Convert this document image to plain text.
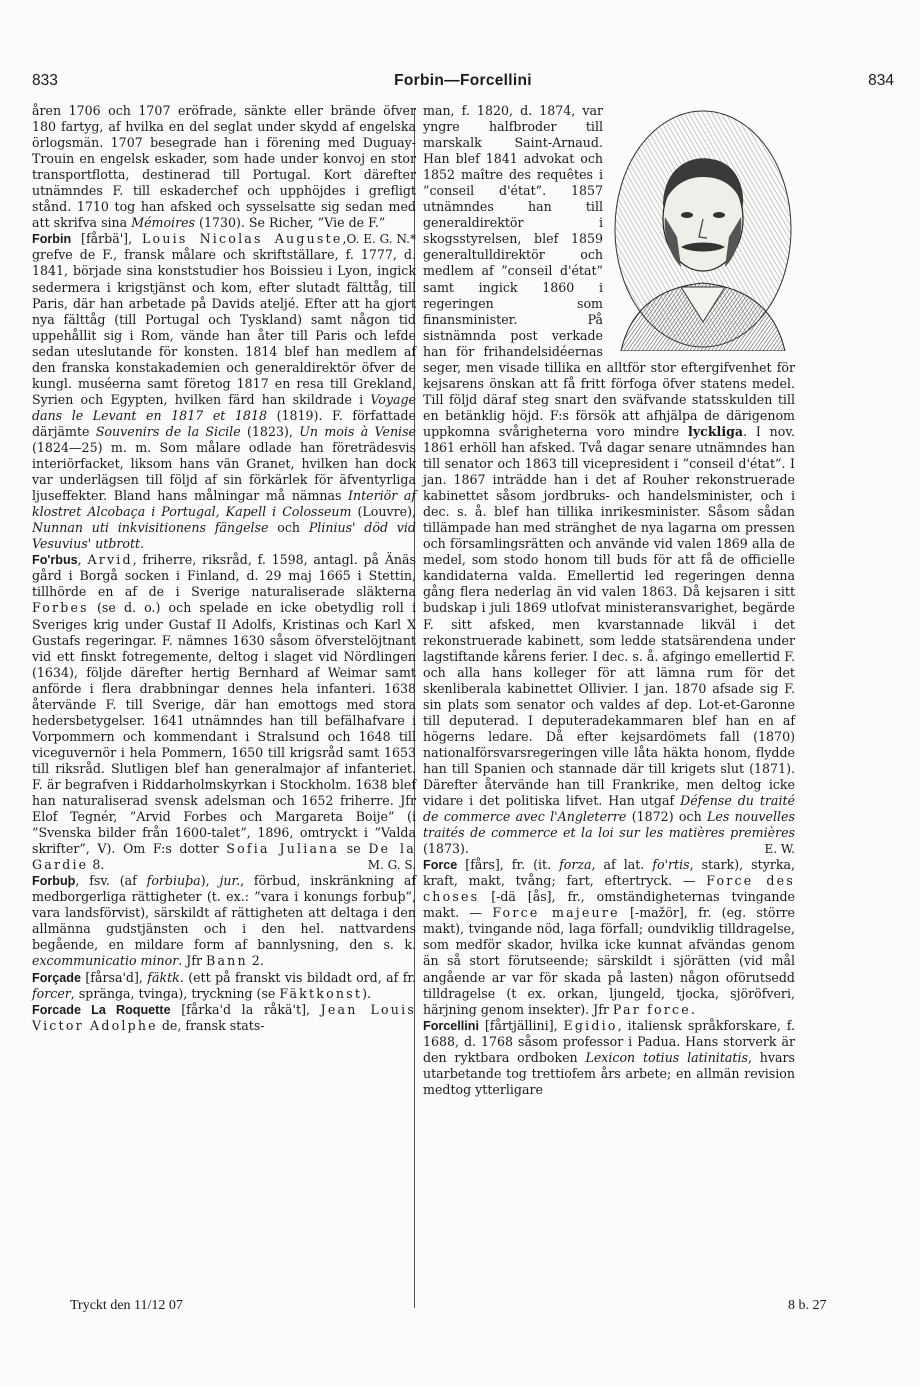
833	Forbin—Forcellini	834

åren 1706 och 1707 eröfrade, sänkte eller brände öfver 180 fartyg, af hvilka en del seglat under skydd af engelska örlogsmän. 1707 besegrade han i förening med Duguay-Trouin en engelsk eskader, som hade under konvoj en stor transportflotta, destinerad till Portugal. Kort därefter utnämndes F. till eskaderchef och upphöjdes i grefligt stånd. 1710 tog han afsked och sysselsatte sig sedan med att skrifva sina Mémoires (1730). Se Richer, ”Vie de F.”
O. E. G. N.*

Forbin [fårbä'], Louis Nicolas Auguste, grefve de F., fransk målare och skriftställare, f. 1777, d. 1841, började sina konststudier hos Boissieu i Lyon, ingick sedermera i krigstjänst och kom, efter slutadt fälttåg, till Paris, där han arbetade på Davids ateljé. Efter att ha gjort nya fälttåg (till Portugal och Tyskland) samt någon tid uppehållit sig i Rom, vände han åter till Paris och lefde sedan uteslutande för konsten. 1814 blef han medlem af den franska konstakademien och generaldirektör öfver de kungl. muséerna samt företog 1817 en resa till Grekland, Syrien och Egypten, hvilken färd han skildrade i Voyage dans le Levant en 1817 et 1818 (1819). F. författade därjämte Souvenirs de la Sicile (1823), Un mois à Venise (1824—25) m. m. Som målare odlade han företrädesvis interiörfacket, liksom hans vän Granet, hvilken han dock var underlägsen till följd af sin förkärlek för äfventyrliga ljuseffekter. Bland hans målningar må nämnas Interiör af klostret Alcobaça i Portugal, Kapell i Colosseum (Louvre), Nunnan uti inkvisitionens fängelse och Plinius' död vid Vesuvius' utbrott.

Fo'rbus, Arvid, friherre, riksråd, f. 1598, antagl. på Änäs gård i Borgå socken i Finland, d. 29 maj 1665 i Stettin, tillhörde en af de i Sverige naturaliserade släkterna Forbes (se d. o.) och spelade en icke obetydlig roll i Sveriges krig under Gustaf II Adolfs, Kristinas och Karl X Gustafs regeringar. F. nämnes 1630 såsom öfverstelöjtnant vid ett finskt fotregemente, deltog i slaget vid Nördlingen (1634), följde därefter hertig Bernhard af Weimar samt anförde i flera drabbningar dennes hela infanteri. 1638 återvände F. till Sverige, där han emottogs med stora hedersbetygelser. 1641 utnämndes han till befälhafvare i Vorpommern och kommendant i Stralsund och 1648 till viceguvernör i hela Pommern, 1650 till krigsråd samt 1653 till riksråd. Slutligen blef han generalmajor af infanteriet. F. är begrafven i Riddarholmskyrkan i Stockholm. 1638 blef han naturaliserad svensk adelsman och 1652 friherre. Jfr Elof Tegnér, ”Arvid Forbes och Margareta Boije” (i ”Svenska bilder från 1600-talet”, 1896, omtryckt i ”Valda skrifter”, V). Om F:s dotter Sofia Juliana se De la Gardie 8.	M. G. S.

Forbuþ, fsv. (af forbiuþa), jur., förbud, inskränkning af medborgerliga rättigheter (t. ex.: ”vara i konungs forbuþ”, vara landsförvist), särskildt af rättigheten att deltaga i den allmänna gudstjänsten och i den hel. nattvardens begående, en mildare form af bannlysning, den s. k. excommunicatio minor. Jfr Bann 2.

Forçade [fårsa'd], fäktk. (ett på franskt vis bildadt ord, af fr. forcer, spränga, tvinga), tryckning (se Fäktkonst).

Forcade La Roquette [fårka'd la råkä't], Jean Louis Victor Adolphe de, fransk stats-

man, f. 1820, d. 1874, var yngre halfbroder till marskalk Saint-Arnaud. Han blef 1841 advokat och 1852 maître des requêtes i ”conseil d'état”. 1857 utnämndes han till generaldirektör i skogsstyrelsen, blef 1859 generaltulldirektör och medlem af ”conseil d'état” samt ingick 1860 i regeringen som finansminister. På sistnämnda post verkade han för frihandelsidéernas seger, men visade tillika en alltför stor eftergifvenhet för kejsarens önskan att få fritt förfoga öfver statens medel. Till följd däraf steg snart den sväfvande statsskulden till en betänklig höjd. F:s försök att afhjälpa de därigenom uppkomna svårigheterna voro mindre lyckliga. I nov. 1861 erhöll han afsked. Två dagar senare utnämndes han till senator och 1863 till vicepresident i ”conseil d'état”. I jan. 1867 inträdde han i det af Rouher rekonstruerade kabinettet såsom jordbruks- och handelsminister, och i dec. s. å. blef han tillika inrikesminister. Såsom sådan tillämpade han med stränghet de nya lagarna om pressen och församlingsrätten och använde vid valen 1869 alla de medel, som stodo honom till buds för att få de officielle kandidaterna valda. Emellertid led regeringen denna gång flera nederlag än vid valen 1863. Då kejsaren i sitt budskap i juli 1869 utlofvat ministeransvarighet, begärde F. sitt afsked, men kvarstannade likväl i det rekonstruerade kabinett, som ledde statsärendena under lagstiftande kårens ferier. I dec. s. å. afgingo emellertid F. och alla hans kolleger för att lämna rum för det skenliberala kabinettet Ollivier. I jan. 1870 afsade sig F. sin plats som senator och valdes af dep. Lot-et-Garonne till deputerad. I deputeradekammaren blef han en af högerns ledare. Då efter kejsardömets fall (1870) nationalförsvarsregeringen ville låta häkta honom, flydde han till Spanien och stannade där till krigets slut (1871). Därefter återvände han till Frankrike, men deltog icke vidare i det politiska lifvet. Han utgaf Défense du traité de commerce avec l'Angleterre (1872) och Les nouvelles traités de commerce et la loi sur les matières premières (1873).	E. W.

Force [fårs], fr. (it. forza, af lat. fo'rtis, stark), styrka, kraft, makt, tvång; fart, eftertryck. — Force des choses [-dä [ås], fr., omständigheternas tvingande makt. — Force majeure [-mažör], fr. (eg. större makt), tvingande nöd, laga förfall; oundviklig tilldragelse, som medför skador, hvilka icke kunnat afvändas genom än så stort förutseende; särskildt i sjörätten (vid mål angående ar var för skada på lasten) någon oförutsedd tilldragelse (t ex. orkan, ljungeld, tjocka, sjöröfveri, härjning genom insekter). Jfr Par force.

Forcellini [fårtjällini], Egidio, italiensk språkforskare, f. 1688, d. 1768 såsom professor i Padua. Hans storverk är den ryktbara ordboken Lexicon totius latinitatis, hvars utarbetande tog trettiofem års arbete; en allmän revision medtog ytterligare

Tryckt den 11/12 07	8 b. 27
